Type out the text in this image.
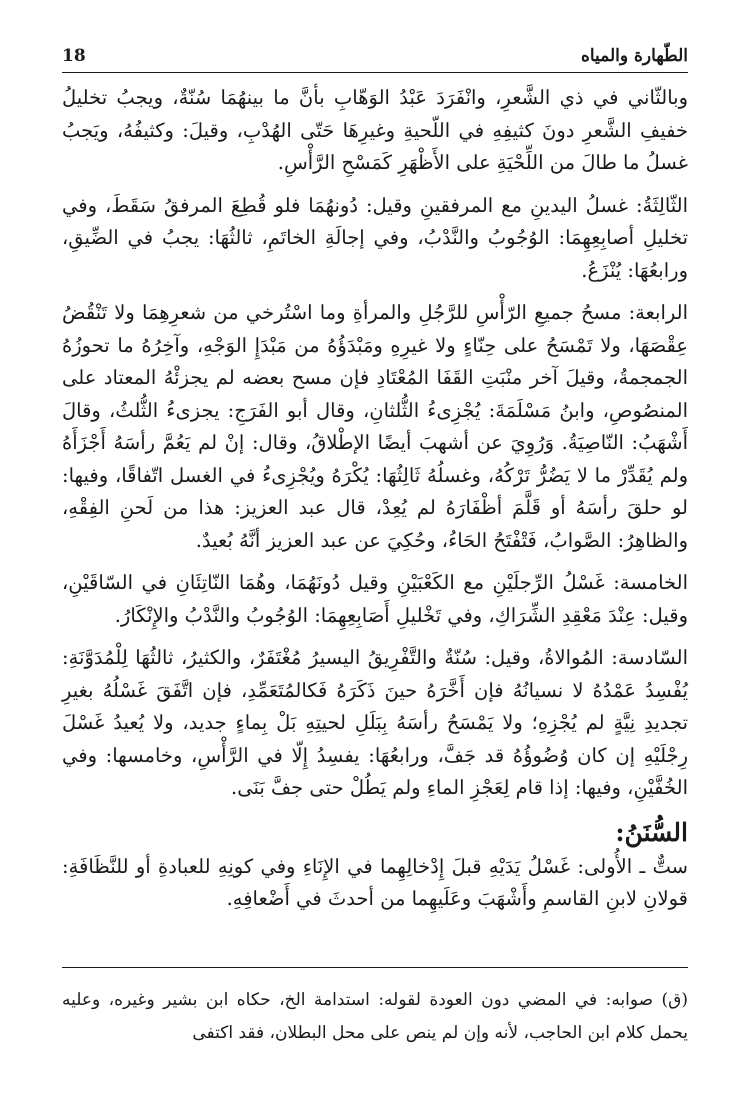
الطّهارة والمياه
18

وبالثّاني في ذي الشَّعرِ، وانْفَرَدَ عَبْدُ الوَهّابِ بأنَّ ما بينهُمَا سُنّةٌ، ويجبُ تخليلُ خفيفِ الشَّعرِ دونَ كثيفِهِ في اللّحيةِ وغيرِهَا حَتّى الهُدْبِ، وقيلَ: وكثيفُهُ، ويَجبُ غسلُ ما طالَ من اللِّحْيَةِ على الأَظْهَرِ كَمَسْحِ الرَّأْسِ.

الثّالِثَةُ: غسلُ اليدينِ مع المرفقينِ وقيل: دُونهُمَا فلو قُطِعَ المرفقُ سَقَطَ، وفي تخليلِ أصابِعِهِمَا: الوُجُوبُ والنَّدْبُ، وفي إجالَةِ الخاتَمِ، ثالثُهَا: يجبُ في الضِّيقِ، ورابعُهَا: يُنْزَعُ.

الرابعة: مسحُ جميعِ الرّأْسِ للرَّجُلِ والمرأةِ وما اسْتُرخي من شعرِهِمَا ولا تَنْقُضُ عِقْصَهَا، ولا تَمْسَحُ على حِنّاءٍ ولا غيرِهِ ومَبْدَؤُهُ من مَبْدَإِ الوَجْهِ، وآخِرُهُ ما تحوزُهُ الجمجمةُ، وقيلَ آخر منْبَتِ القَفَا المُعْتَادِ فإن مسح بعضه لم يجزئْهُ المعتاد على المنصُوصِ، وابنُ مَسْلَمَةَ: يُجْزِىءُ الثُّلثانِ، وقال أبو الفَرَجِ: يجزىءُ الثُّلثُ، وقالَ أَشْهَبُ: النّاصِيَةُ. وَرُوِيَ عن أشهبَ أيضًا الإطْلاقُ، وقال: إنْ لم يَعُمَّ رأسَهُ أَجْزَأَهُ ولم يُقَدِّرْ ما لا يَضُرُّ تَرْكُهُ، وغسلُهُ ثَالِثُهَا: يُكْرَهُ ويُجْزِىءُ في الغسل اتّفاقًا، وفيها: لو حلقَ رأسَهُ أو قَلَّمَ أظْفَارَهُ لم يُعِدْ، قال عبد العزيز: هذا من لَحنِ الفِقْهِ، والظاهِرُ: الصَّوابُ، فَتْفْتَحُ الحَاءُ، وحُكِيَ عن عبد العزيز أنَّهُ بُعيدٌ.

الخامسة: غَسْلُ الرِّجلَيْنِ مع الكَعْبَيْنِ وقيل دُونَهُمَا، وهُمَا النّاتِئَانِ في السّاقَيْنِ، وقيل: عِنْدَ مَعْقِدِ الشِّرَاكِ، وفي تَخْليلِ أَصَابِعِهِمَا: الوُجُوبُ والنَّدْبُ والإِنْكَارُ.

السّادسة: المُوالاةُ، وقيل: سُنّةٌ والتَّفْرِيقُ اليسيرُ مُغْتَفَرٌ، والكثيرُ، ثالثُهَا لِلْمُدَوَّنَةِ: يُفْسِدُ عَمْدُهُ لا نسيانُهُ فإن أَخَّرَهُ حينَ ذَكَرَهُ فَكالمُتَعَمِّدِ، فإن اتَّفَقَ غَسْلُهُ بغيرِ تجديدِ نِيَّةٍ لم يُجْزِهِ؛ ولا يَمْسَحُ رأسَهُ بِبَلَلِ لحيتِهِ بَلْ بِماءٍ جديد، ولا يُعيدُ غَسْلَ رِجْلَيْهِ إن كان وُضُوؤُهُ قد جَفَّ، ورابعُهَا: يفسِدُ إِلّا في الرَّأْسِ، وخامسها: وفي الخُفَّيْنِ، وفيها: إذا قام لِعَجْزِ الماءِ ولم يَطُلْ حتى جفَّ بَنَى.

السُّنَنُ:

ستٌّ ـ الأُولى: غَسْلُ يَدَيْهِ قبلَ إِدْخالِهِما في الإِنَاءِ وفي كونِهِ للعبادةِ أو للنَّظَافَةِ: قولانِ لابنِ القاسمِ وأَشْهَبَ وعَلَيهِما من أحدثَ في أَضْعافِهِ.

(ق) صوابه: في المضي دون العودة لقوله: استدامة الخ، حكاه ابن بشير وغيره، وعليه يحمل كلام ابن الحاجب، لأنه وإن لم ينص على محل البطلان، فقد اكتفى
